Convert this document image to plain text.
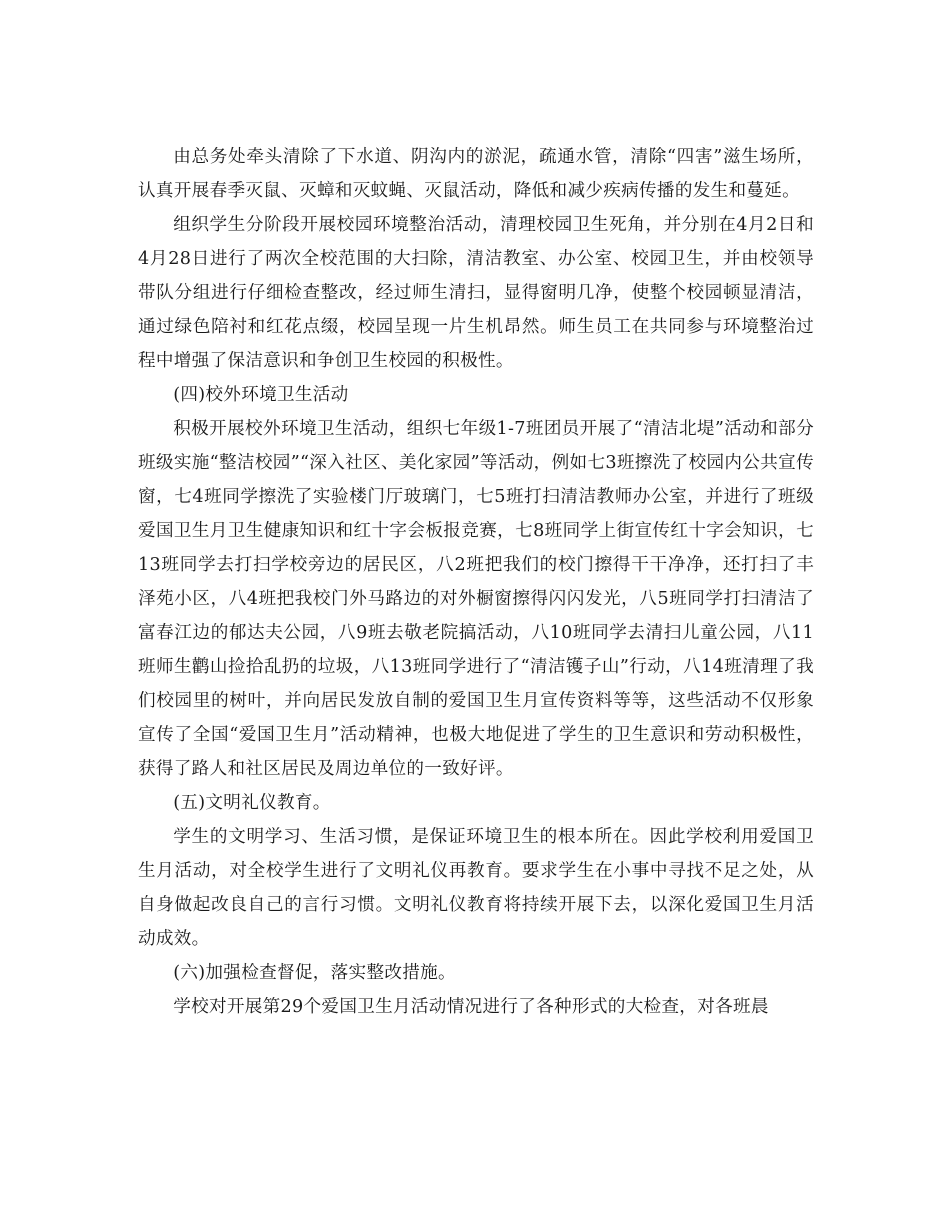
由总务处牵头清除了下水道、阴沟内的淤泥，疏通水管，清除“四害”滋生场所，认真开展春季灭鼠、灭蟑和灭蚊蝇、灭鼠活动，降低和减少疾病传播的发生和蔓延。

组织学生分阶段开展校园环境整治活动，清理校园卫生死角，并分别在4月2日和4月28日进行了两次全校范围的大扫除，清洁教室、办公室、校园卫生，并由校领导带队分组进行仔细检查整改，经过师生清扫，显得窗明几净，使整个校园顿显清洁，通过绿色陪衬和红花点缀，校园呈现一片生机昂然。师生员工在共同参与环境整治过程中增强了保洁意识和争创卫生校园的积极性。

(四)校外环境卫生活动

积极开展校外环境卫生活动，组织七年级1-7班团员开展了“清洁北堤”活动和部分班级实施“整洁校园”“深入社区、美化家园”等活动，例如七3班擦洗了校园内公共宣传窗，七4班同学擦洗了实验楼门厅玻璃门，七5班打扫清洁教师办公室，并进行了班级爱国卫生月卫生健康知识和红十字会板报竞赛，七8班同学上街宣传红十字会知识，七13班同学去打扫学校旁边的居民区，八2班把我们的校门擦得干干净净，还打扫了丰泽苑小区，八4班把我校门外马路边的对外橱窗擦得闪闪发光，八5班同学打扫清洁了富春江边的郁达夫公园，八9班去敬老院搞活动，八10班同学去清扫儿童公园，八11班师生鹳山捡拾乱扔的垃圾，八13班同学进行了“清洁镬子山”行动，八14班清理了我们校园里的树叶，并向居民发放自制的爱国卫生月宣传资料等等，这些活动不仅形象宣传了全国“爱国卫生月”活动精神，也极大地促进了学生的卫生意识和劳动积极性，获得了路人和社区居民及周边单位的一致好评。

(五)文明礼仪教育。

学生的文明学习、生活习惯，是保证环境卫生的根本所在。因此学校利用爱国卫生月活动，对全校学生进行了文明礼仪再教育。要求学生在小事中寻找不足之处，从自身做起改良自己的言行习惯。文明礼仪教育将持续开展下去，以深化爱国卫生月活动成效。

(六)加强检查督促，落实整改措施。

学校对开展第29个爱国卫生月活动情况进行了各种形式的大检查，对各班晨
